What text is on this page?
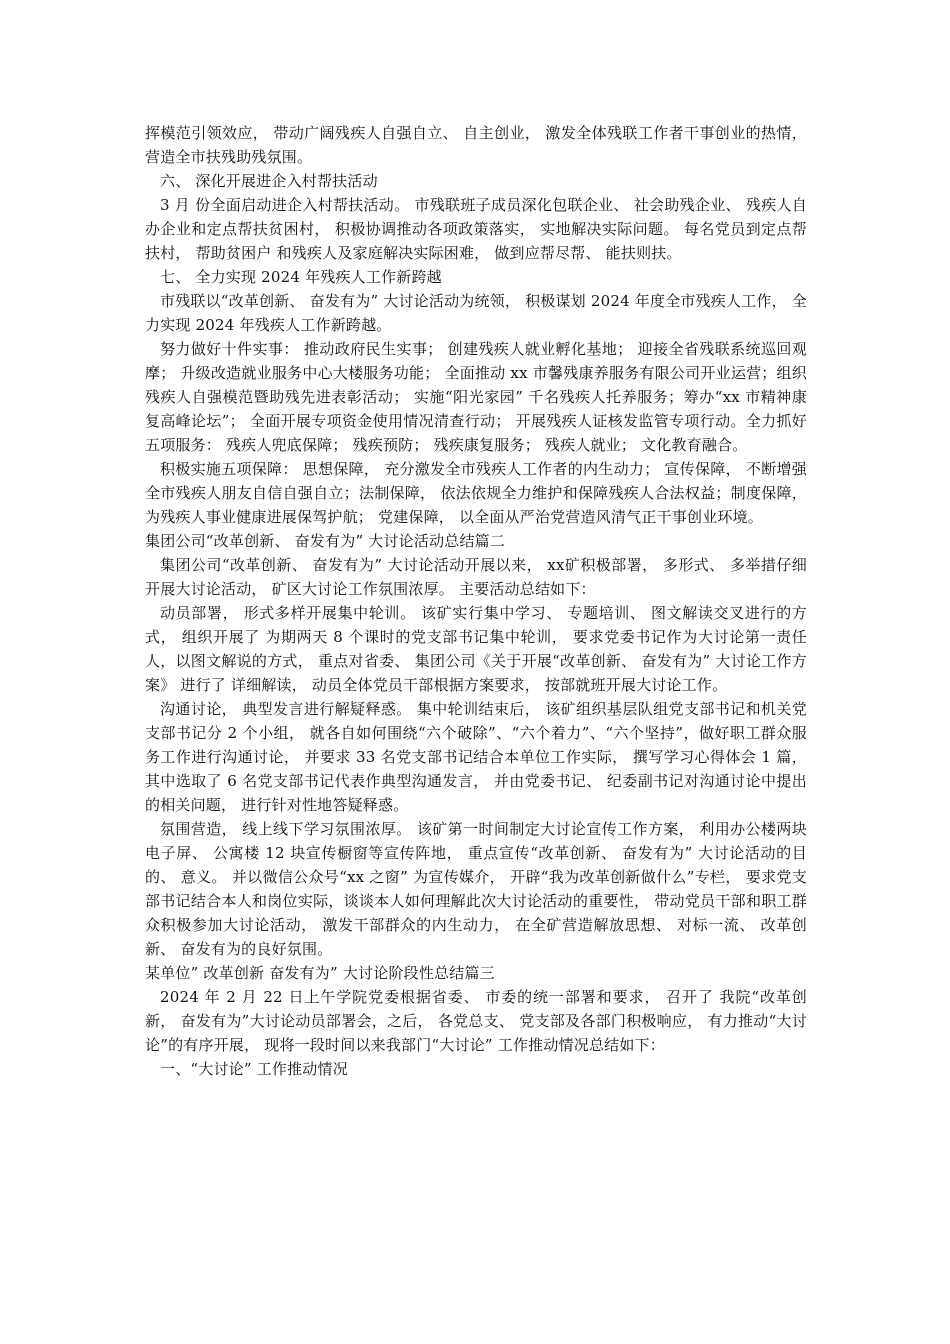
挥模范引领效应， 带动广阔残疾人自强自立、 自主创业， 激发全体残联工作者干事创业的热情， 营造全市扶残助残氛围。

六、 深化开展进企入村帮扶活动

3 月 份全面启动进企入村帮扶活动。 市残联班子成员深化包联企业、 社会助残企业、 残疾人自办企业和定点帮扶贫困村， 积极协调推动各项政策落实， 实地解决实际问题。 每名党员到定点帮扶村， 帮助贫困户 和残疾人及家庭解决实际困难， 做到应帮尽帮、 能扶则扶。

七、 全力实现 2024 年残疾人工作新跨越

市残联以“改革创新、 奋发有为” 大讨论活动为统领， 积极谋划 2024 年度全市残疾人工作， 全力实现 2024 年残疾人工作新跨越。

努力做好十件实事： 推动政府民生实事； 创建残疾人就业孵化基地； 迎接全省残联系统巡回观摩； 升级改造就业服务中心大楼服务功能； 全面推动 xx 市馨残康养服务有限公司开业运营；组织残疾人自强模范暨助残先进表彰活动； 实施“阳光家园” 千名残疾人托养服务；筹办“xx 市精神康复高峰论坛”； 全面开展专项资金使用情况清查行动； 开展残疾人证核发监管专项行动。全力抓好五项服务： 残疾人兜底保障； 残疾预防； 残疾康复服务； 残疾人就业； 文化教育融合。

积极实施五项保障： 思想保障， 充分激发全市残疾人工作者的内生动力； 宣传保障， 不断增强全市残疾人朋友自信自强自立；法制保障， 依法依规全力维护和保障残疾人合法权益；制度保障，为残疾人事业健康进展保驾护航； 党建保障， 以全面从严治党营造风清气正干事创业环境。

集团公司“改革创新、 奋发有为” 大讨论活动总结篇二

集团公司“改革创新、 奋发有为” 大讨论活动开展以来， xx矿积极部署， 多形式、 多举措仔细开展大讨论活动， 矿区大讨论工作氛围浓厚。 主要活动总结如下：

动员部署， 形式多样开展集中轮训。 该矿实行集中学习、 专题培训、 图文解读交叉进行的方式， 组织开展了 为期两天 8 个课时的党支部书记集中轮训， 要求党委书记作为大讨论第一责任人，以图文解说的方式， 重点对省委、 集团公司《关于开展“改革创新、 奋发有为” 大讨论工作方案》 进行了 详细解读， 动员全体党员干部根据方案要求， 按部就班开展大讨论工作。

沟通讨论， 典型发言进行解疑释惑。 集中轮训结束后， 该矿组织基层队组党支部书记和机关党支部书记分 2 个小组， 就各自如何围绕“六个破除”、“六个着力”、“六个坚持”，做好职工群众服务工作进行沟通讨论， 并要求 33 名党支部书记结合本单位工作实际， 撰写学习心得体会 1 篇， 其中选取了 6 名党支部书记代表作典型沟通发言， 并由党委书记、 纪委副书记对沟通讨论中提出的相关问题， 进行针对性地答疑释惑。

氛围营造， 线上线下学习氛围浓厚。 该矿第一时间制定大讨论宣传工作方案， 利用办公楼两块电子屏、 公寓楼 12 块宣传橱窗等宣传阵地， 重点宣传“改革创新、 奋发有为” 大讨论活动的目 的、 意义。 并以微信公众号“xx 之窗” 为宣传媒介， 开辟“我为改革创新做什么”专栏， 要求党支部书记结合本人和岗位实际，谈谈本人如何理解此次大讨论活动的重要性， 带动党员干部和职工群众积极参加大讨论活动， 激发干部群众的内生动力， 在全矿营造解放思想、 对标一流、 改革创新、 奋发有为的良好氛围。

某单位” 改革创新 奋发有为” 大讨论阶段性总结篇三

2024 年 2 月 22 日上午学院党委根据省委、 市委的统一部署和要求， 召开了 我院“改革创新， 奋发有为”大讨论动员部署会，之后， 各党总支、 党支部及各部门积极响应， 有力推动“大讨论”的有序开展， 现将一段时间以来我部门“大讨论” 工作推动情况总结如下：

一、“大讨论” 工作推动情况
